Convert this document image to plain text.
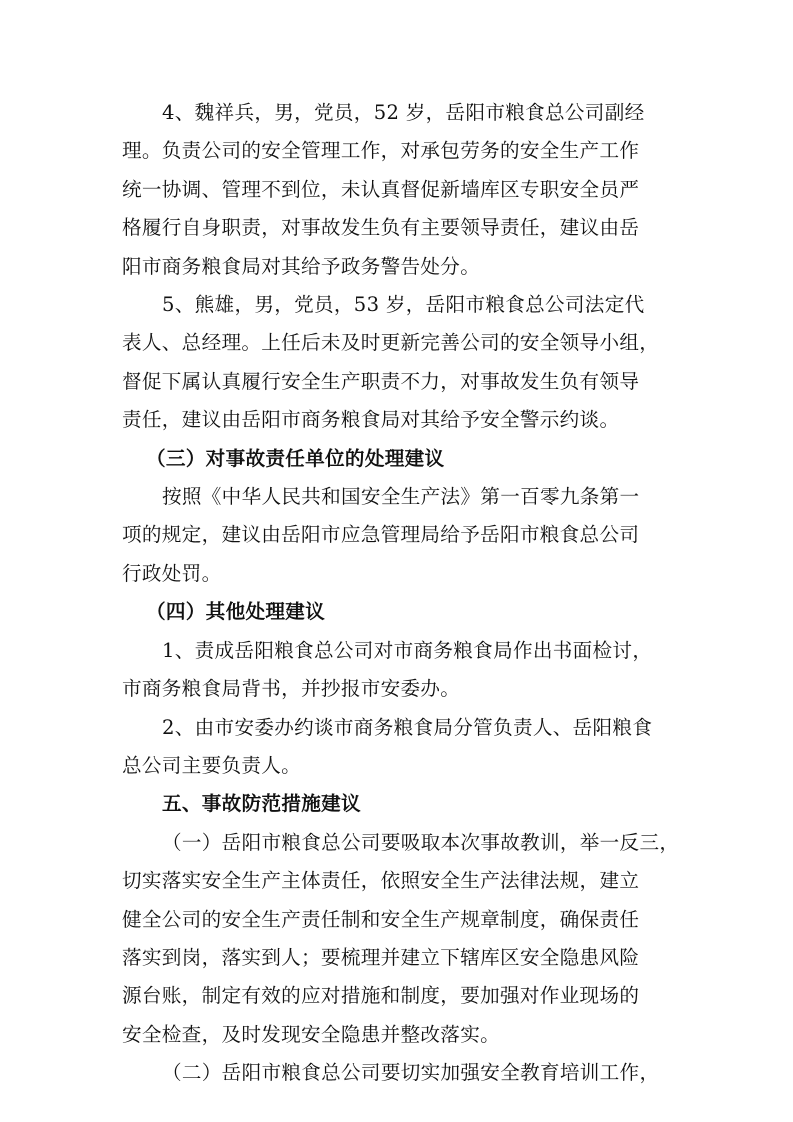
4、魏祥兵，男，党员，52 岁，岳阳市粮食总公司副经
理。负责公司的安全管理工作，对承包劳务的安全生产工作
统一协调、管理不到位，未认真督促新墙库区专职安全员严
格履行自身职责，对事故发生负有主要领导责任，建议由岳
阳市商务粮食局对其给予政务警告处分。

5、熊雄，男，党员，53 岁，岳阳市粮食总公司法定代
表人、总经理。上任后未及时更新完善公司的安全领导小组，
督促下属认真履行安全生产职责不力，对事故发生负有领导
责任，建议由岳阳市商务粮食局对其给予安全警示约谈。

（三）对事故责任单位的处理建议

按照《中华人民共和国安全生产法》第一百零九条第一
项的规定，建议由岳阳市应急管理局给予岳阳市粮食总公司
行政处罚。

（四）其他处理建议

1、责成岳阳粮食总公司对市商务粮食局作出书面检讨，
市商务粮食局背书，并抄报市安委办。

2、由市安委办约谈市商务粮食局分管负责人、岳阳粮食
总公司主要负责人。

五、事故防范措施建议

（一）岳阳市粮食总公司要吸取本次事故教训，举一反三，
切实落实安全生产主体责任，依照安全生产法律法规，建立
健全公司的安全生产责任制和安全生产规章制度，确保责任
落实到岗，落实到人；要梳理并建立下辖库区安全隐患风险
源台账，制定有效的应对措施和制度，要加强对作业现场的
安全检查，及时发现安全隐患并整改落实。

（二）岳阳市粮食总公司要切实加强安全教育培训工作，
